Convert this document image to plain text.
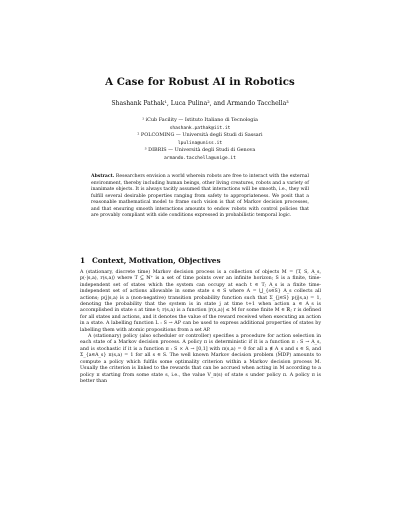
A Case for Robust AI in Robotics
Shashank Pathak¹, Luca Pulina², and Armando Tacchella³
¹ iCub Facility — Istituto Italiano di Tecnologia
shashank.pathak@iit.it
² POLCOMING — Università degli Studi di Sassari
lpulina@uniss.it
³ DIBRIS — Università degli Studi di Genova
armando.tacchella@unige.it
Abstract. Researchers envision a world wherein robots are free to interact with the external environment, thereby including human beings, other living creatures, robots and a variety of inanimate objects. It is always tacitly assumed that interactions will be smooth, i.e., they will fulfill several desirable properties ranging from safety to appropriateness. We posit that a reasonable mathematical model to frame such vision is that of Markov decision processes, and that ensuring smooth interactions amounts to endow robots with control policies that are provably compliant with side conditions expressed in probabilistic temporal logic.
1 Context, Motivation, Objectives

A (stationary, discrete time) Markov decision process is a collection of objects M = ⟨T, S, A_s, p(·|s,a), r(s,a)⟩ where T ⊆ ℕ⁺ is a set of time points over an infinite horizon; S is a finite, time-independent set of states which the system can occupy at each t ∈ T; A_s is a finite time-independent set of actions allowable in some state s ∈ S where A = ⋃_{s∈S} A_s collects all actions; p(j|s,a) is a (non-negative) transition probability function such that Σ_{j∈S} p(j|s,a) = 1, denoting the probability that the system is in state j at time t+1 when action a ∈ A_s is accomplished in state s at time t; r(s,a) is a function |r(s,a)| ≤ M for some finite M ∈ ℝ; r is defined for all states and actions, and it denotes the value of the reward received when executing an action in a state. A labelling function L : S → AP can be used to express additional properties of states by labelling them with atomic propositions from a set AP.

A (stationary) policy (also scheduler or controller) specifies a procedure for action selection in each state of a Markov decision process. A policy π is deterministic if it is a function π : S → A_s, and is stochastic if it is a function π : S × A → [0,1] with π(s,a) = 0 for all a ∉ A_s and s ∈ S, and Σ_{a∈A_s} π(s,a) = 1 for all s ∈ S. The well known Markov decision problem (MDP) amounts to compute a policy which fulfils some optimality criterion within a Markov decision process M. Usually the criterion is linked to the rewards that can be accrued when acting in M according to a policy π starting from some state s, i.e., the value V_π(s) of state s under policy π. A policy π is better than
